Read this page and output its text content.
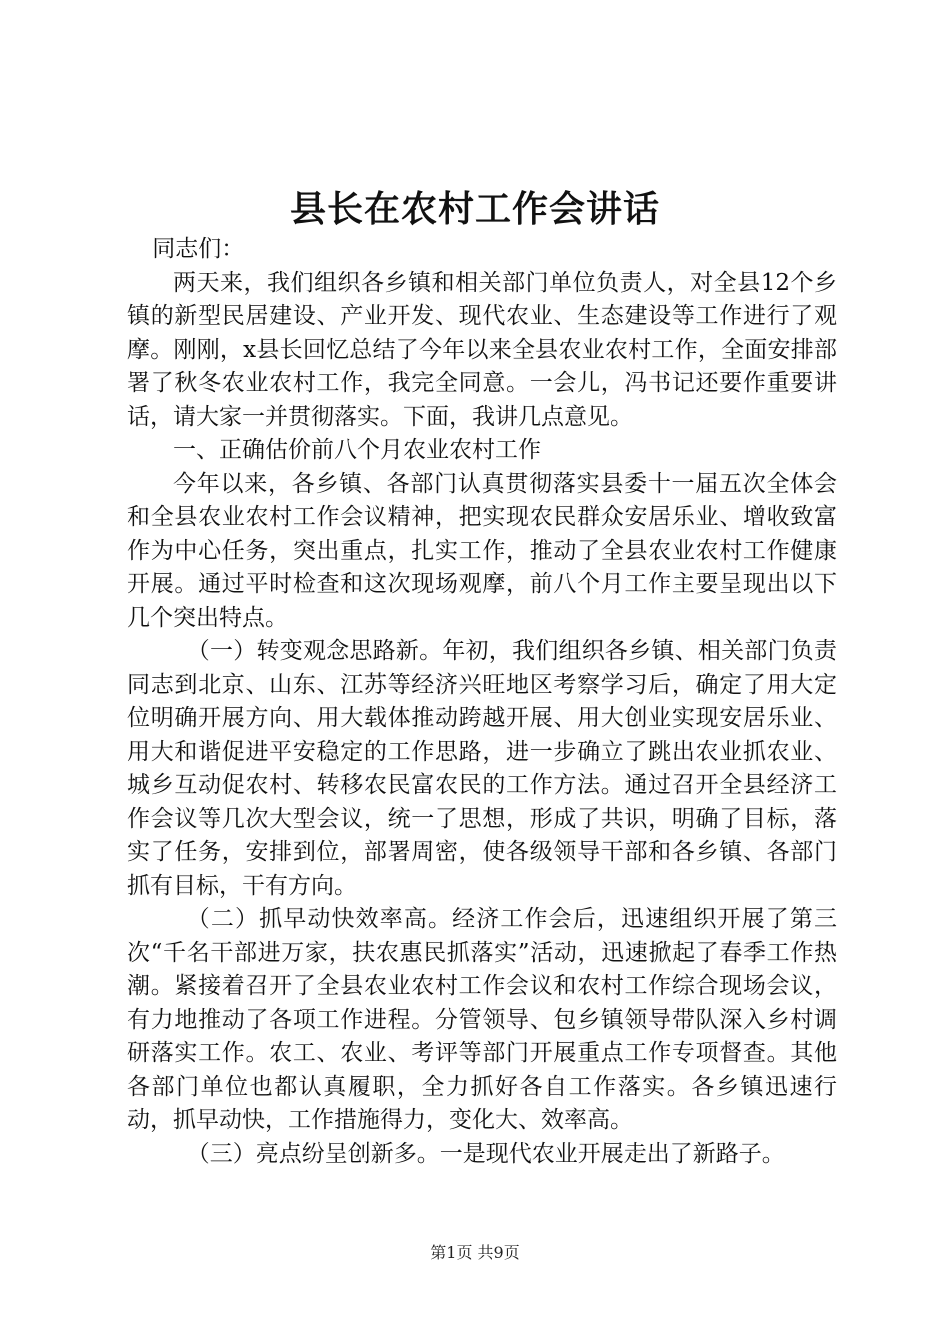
县长在农村工作会讲话

同志们：

两天来，我们组织各乡镇和相关部门单位负责人，对全县12个乡镇的新型民居建设、产业开发、现代农业、生态建设等工作进行了观摩。刚刚，x县长回忆总结了今年以来全县农业农村工作，全面安排部署了秋冬农业农村工作，我完全同意。一会儿，冯书记还要作重要讲话，请大家一并贯彻落实。下面，我讲几点意见。

一、正确估价前八个月农业农村工作

今年以来，各乡镇、各部门认真贯彻落实县委十一届五次全体会和全县农业农村工作会议精神，把实现农民群众安居乐业、增收致富作为中心任务，突出重点，扎实工作，推动了全县农业农村工作健康开展。通过平时检查和这次现场观摩，前八个月工作主要呈现出以下几个突出特点。

（一）转变观念思路新。年初，我们组织各乡镇、相关部门负责同志到北京、山东、江苏等经济兴旺地区考察学习后，确定了用大定位明确开展方向、用大载体推动跨越开展、用大创业实现安居乐业、用大和谐促进平安稳定的工作思路，进一步确立了跳出农业抓农业、城乡互动促农村、转移农民富农民的工作方法。通过召开全县经济工作会议等几次大型会议，统一了思想，形成了共识，明确了目标，落实了任务，安排到位，部署周密，使各级领导干部和各乡镇、各部门抓有目标，干有方向。

（二）抓早动快效率高。经济工作会后，迅速组织开展了第三次“千名干部进万家，扶农惠民抓落实”活动，迅速掀起了春季工作热潮。紧接着召开了全县农业农村工作会议和农村工作综合现场会议，有力地推动了各项工作进程。分管领导、包乡镇领导带队深入乡村调研落实工作。农工、农业、考评等部门开展重点工作专项督查。其他各部门单位也都认真履职，全力抓好各自工作落实。各乡镇迅速行动，抓早动快，工作措施得力，变化大、效率高。

（三）亮点纷呈创新多。一是现代农业开展走出了新路子。

第1页 共9页
